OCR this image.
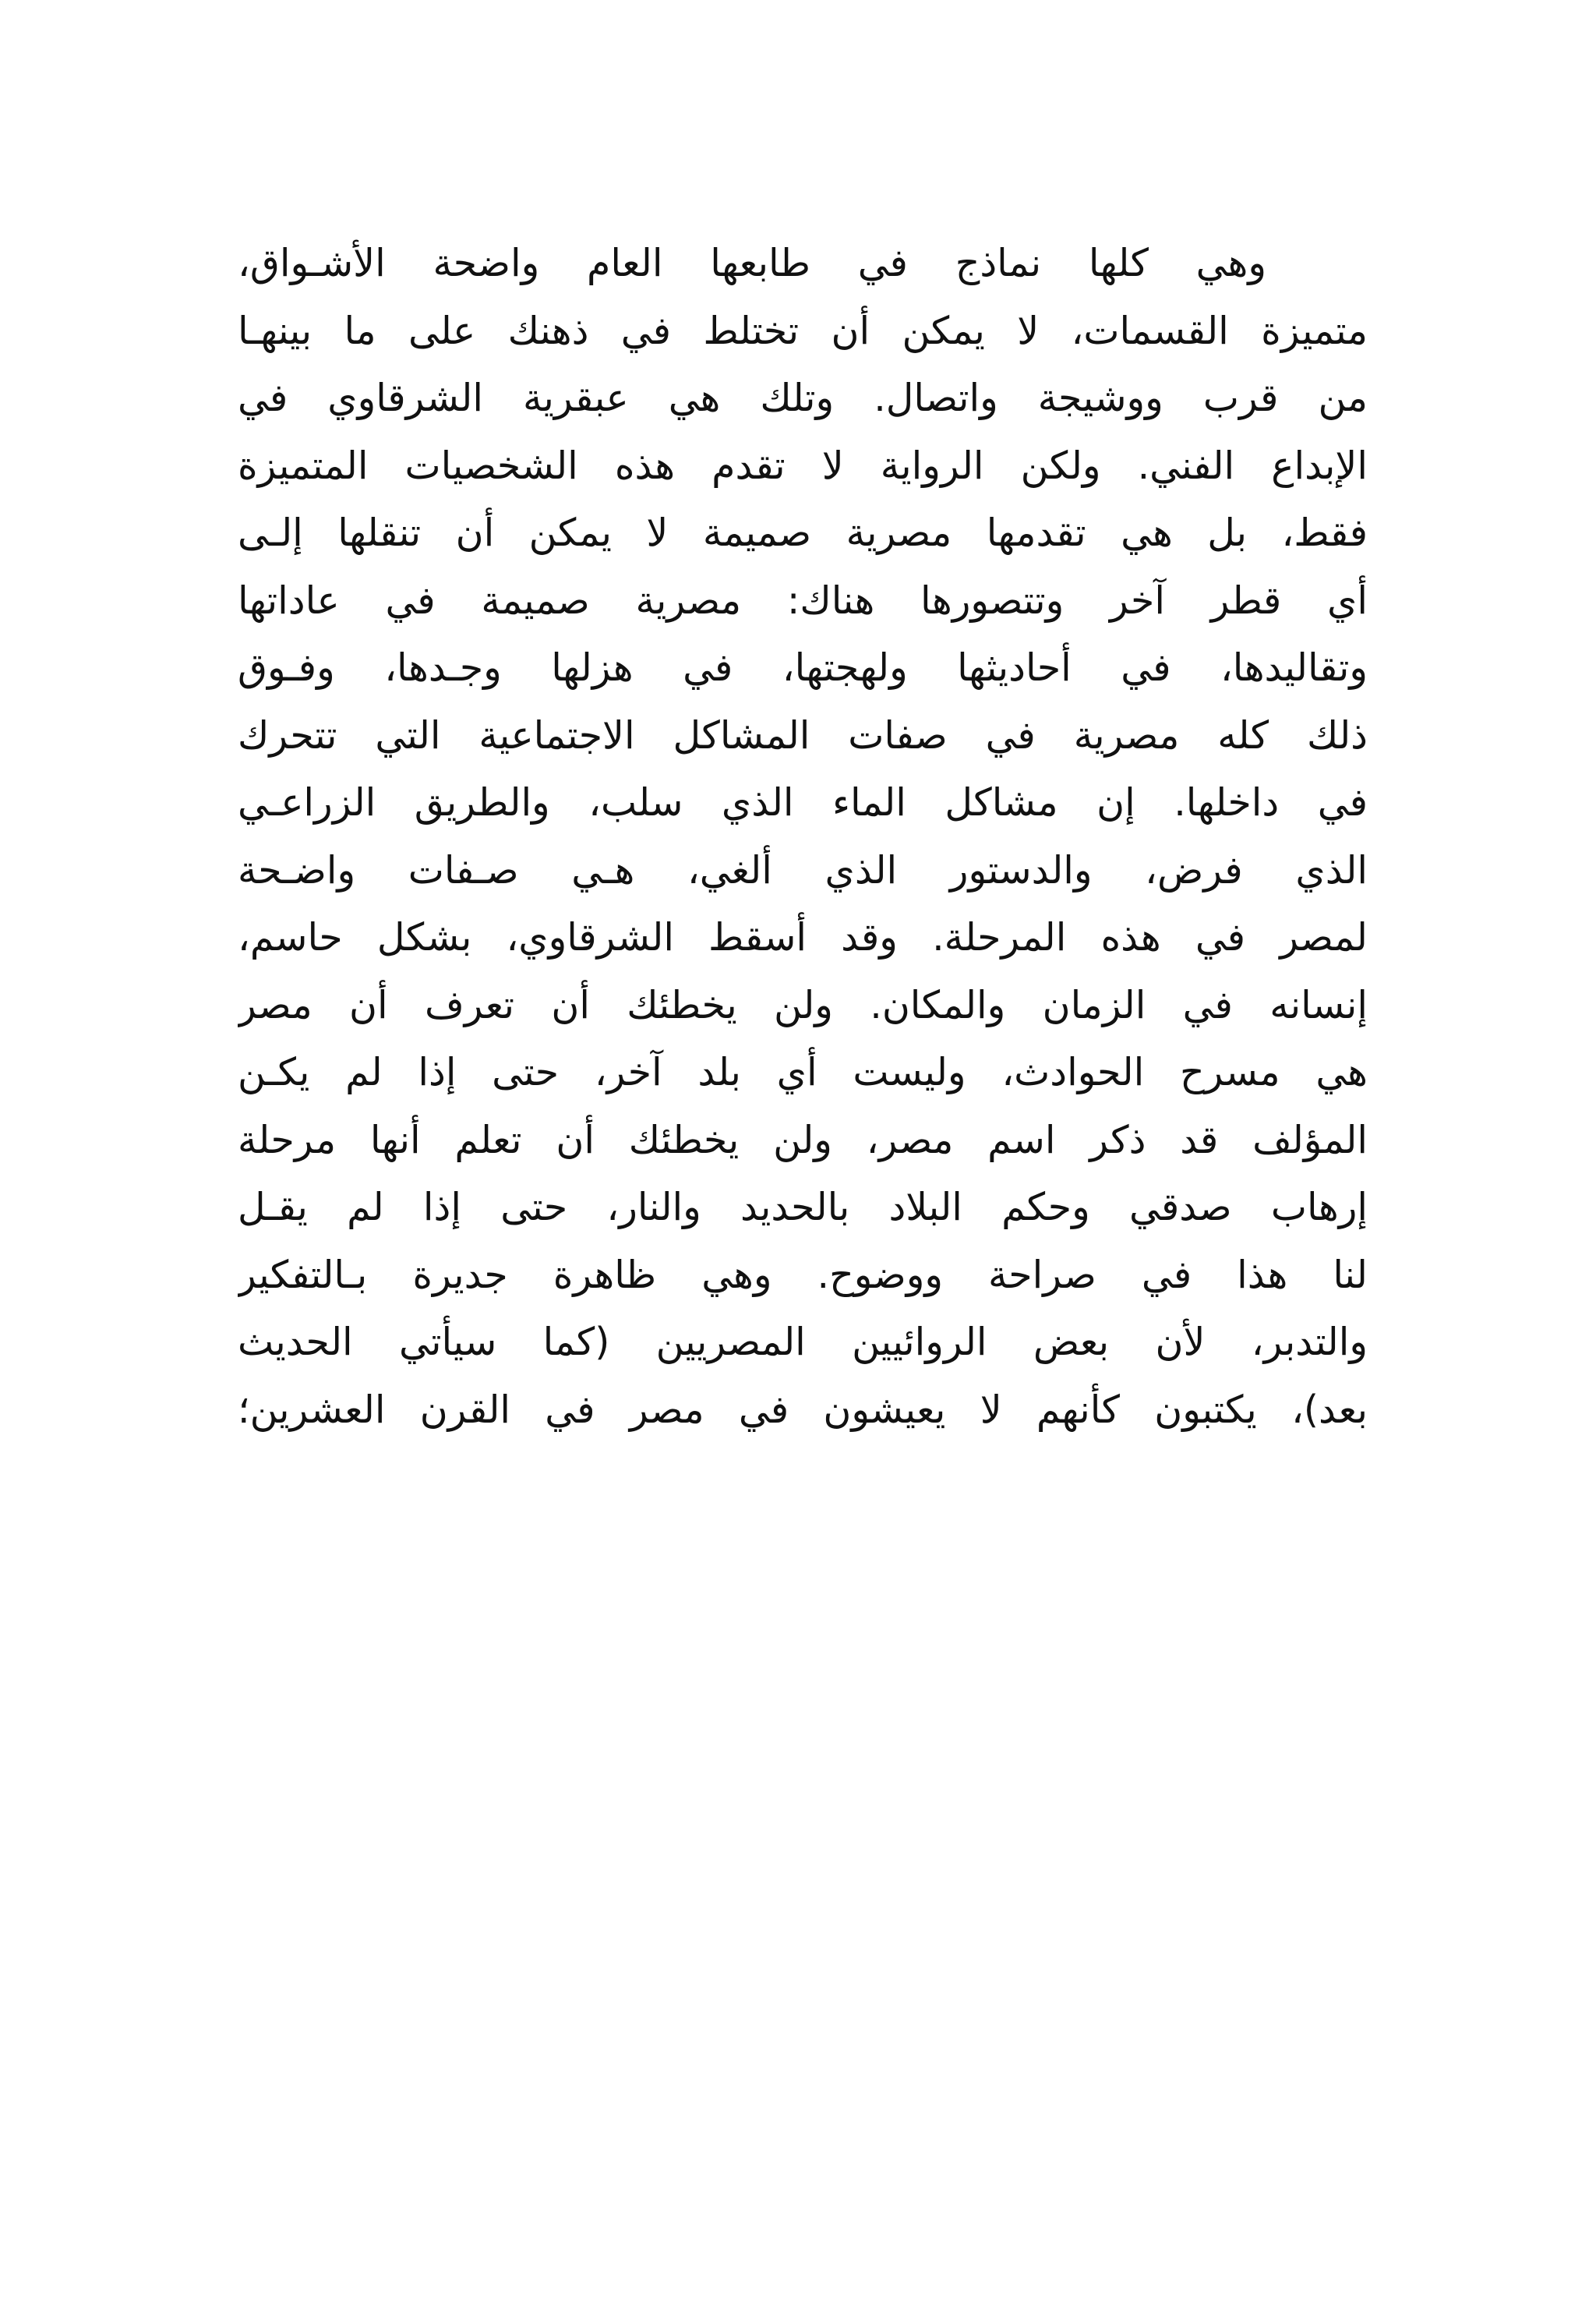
وهي كلها نماذج في طابعها العام واضحة الأشـواق،
متميزة القسمات، لا يمكن أن تختلط في ذهنك على ما بينهـا
من قرب ووشيجة واتصال. وتلك هي عبقرية الشرقاوي في
الإبداع الفني. ولكن الرواية لا تقدم هذه الشخصيات المتميزة
فقط، بل هي تقدمها مصرية صميمة لا يمكن أن تنقلها إلـى
أي قطر آخر وتتصورها هناك: مصرية صميمة في عاداتها
وتقاليدها، في أحاديثها ولهجتها، في هزلها وجـدها، وفـوق
ذلك كله مصرية في صفات المشاكل الاجتماعية التي تتحرك
في داخلها. إن مشاكل الماء الذي سلب، والطريق الزراعـي
الذي فرض، والدستور الذي ألغي، هـي صـفات واضـحة
لمصر في هذه المرحلة. وقد أسقط الشرقاوي، بشكل حاسم،
إنسانه في الزمان والمكان. ولن يخطئك أن تعرف أن مصر
هي مسرح الحوادث، وليست أي بلد آخر، حتى إذا لم يكـن
المؤلف قد ذكر اسم مصر، ولن يخطئك أن تعلم أنها مرحلة
إرهاب صدقي وحكم البلاد بالحديد والنار، حتى إذا لم يقـل
لنا هذا في صراحة ووضوح. وهي ظاهرة جديرة بـالتفكير
والتدبر، لأن بعض الروائيين المصريين (كما سيأتي الحديث
بعد)، يكتبون كأنهم لا يعيشون في مصر في القرن العشرين؛
